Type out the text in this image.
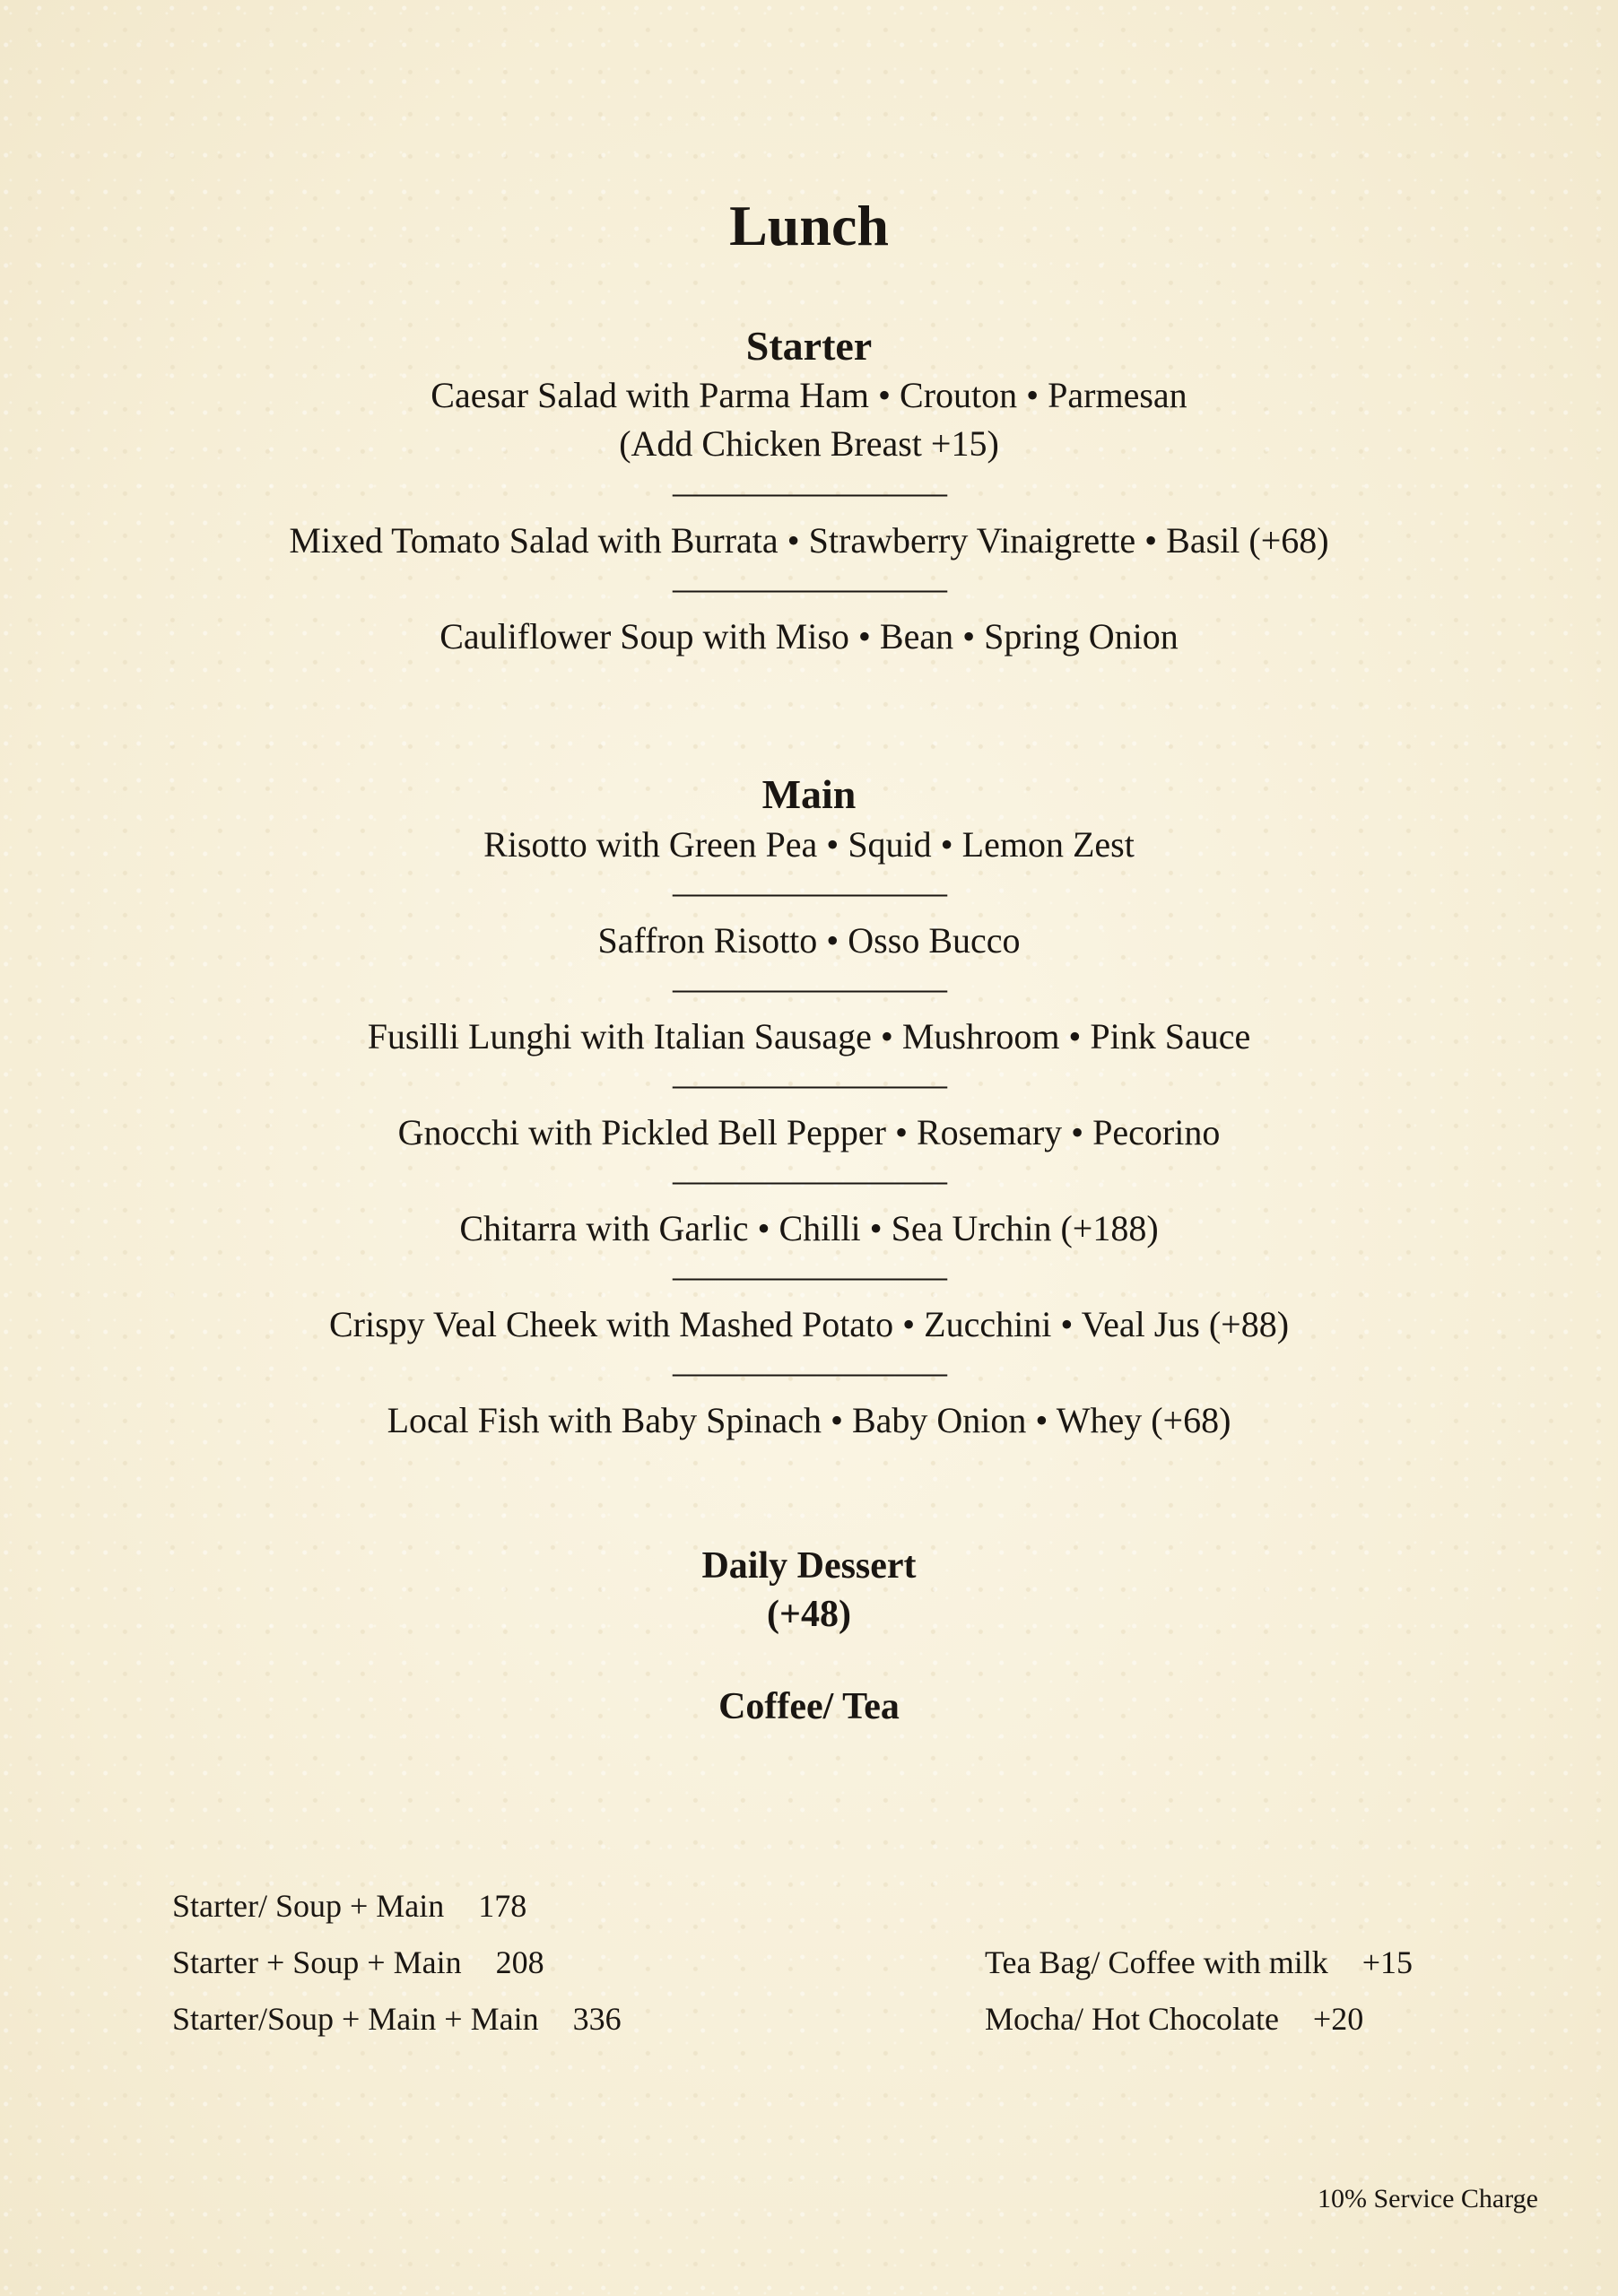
Lunch
Starter
Caesar Salad with Parma Ham • Crouton • Parmesan
(Add Chicken Breast +15)
————————
Mixed Tomato Salad with Burrata • Strawberry Vinaigrette • Basil (+68)
————————
Cauliflower Soup with Miso • Bean • Spring Onion
Main
Risotto with Green Pea • Squid • Lemon Zest
————————
Saffron Risotto • Osso Bucco
————————
Fusilli Lunghi with Italian Sausage • Mushroom • Pink Sauce
————————
Gnocchi with Pickled Bell Pepper • Rosemary • Pecorino
————————
Chitarra with Garlic • Chilli • Sea Urchin (+188)
————————
Crispy Veal Cheek with Mashed Potato • Zucchini • Veal Jus (+88)
————————
Local Fish with Baby Spinach • Baby Onion • Whey (+68)
Daily Dessert
(+48)
Coffee/ Tea
Starter/ Soup + Main 178
Starter + Soup + Main 208
Starter/Soup + Main + Main 336
Tea Bag/ Coffee with milk +15
Mocha/ Hot Chocolate +20
10% Service Charge
